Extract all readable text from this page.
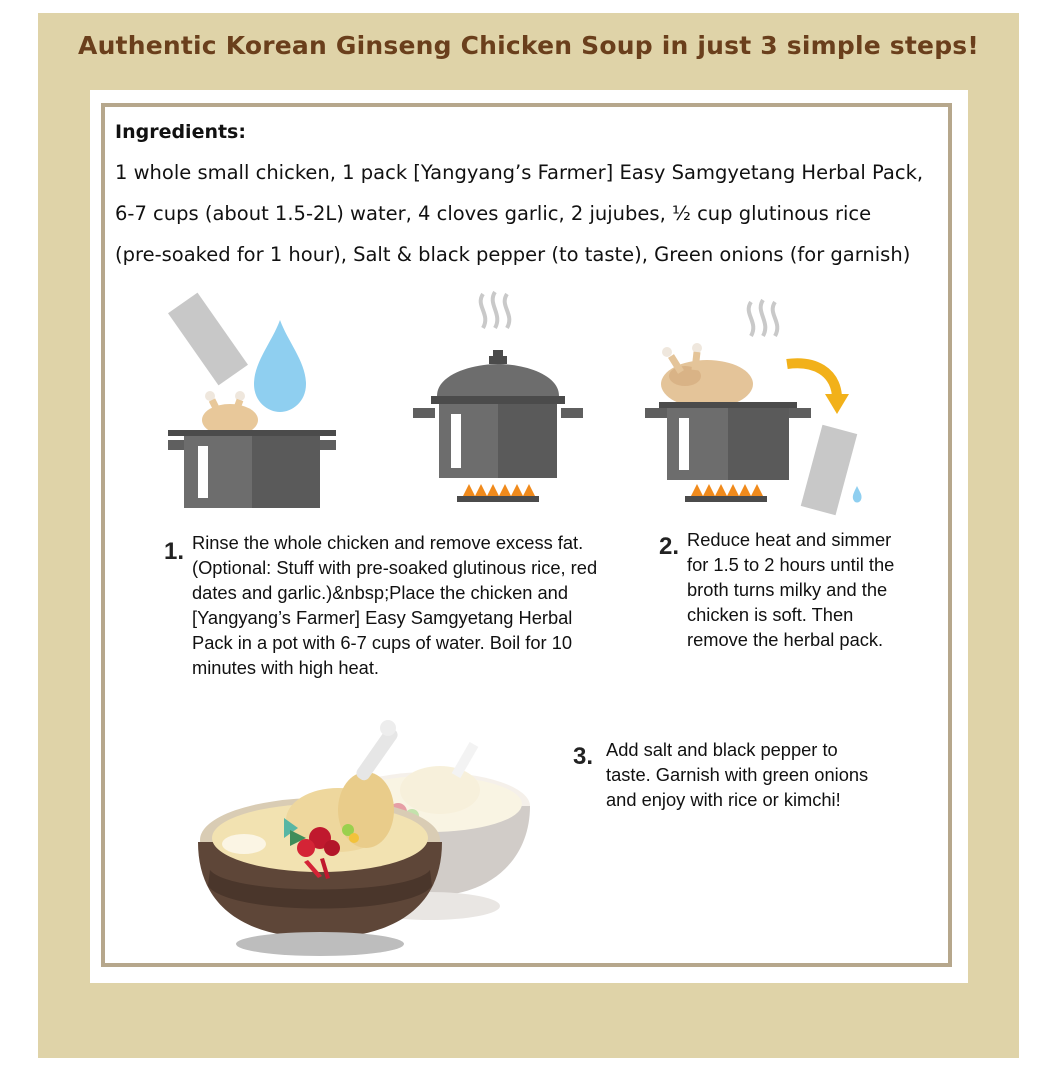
Authentic Korean Ginseng Chicken Soup in just 3 simple steps!
Ingredients:
1 whole small chicken, 1 pack [Yangyang’s Farmer] Easy Samgyetang Herbal Pack,
6-7 cups (about 1.5-2L) water, 4 cloves garlic, 2 jujubes, ½ cup glutinous rice
(pre-soaked for 1 hour), Salt & black pepper (to taste), Green onions (for garnish)
1. Rinse the whole chicken and remove excess fat.
(Optional: Stuff with pre-soaked glutinous rice, red
dates and garlic.)&nbsp;Place the chicken and
[Yangyang’s Farmer] Easy Samgyetang Herbal
Pack in a pot with 6-7 cups of water. Boil for 10
minutes with high heat.
2. Reduce heat and simmer
for 1.5 to 2 hours until the
broth turns milky and the
chicken is soft. Then
remove the herbal pack.
3. Add salt and black pepper to
taste. Garnish with green onions
and enjoy with rice or kimchi!
